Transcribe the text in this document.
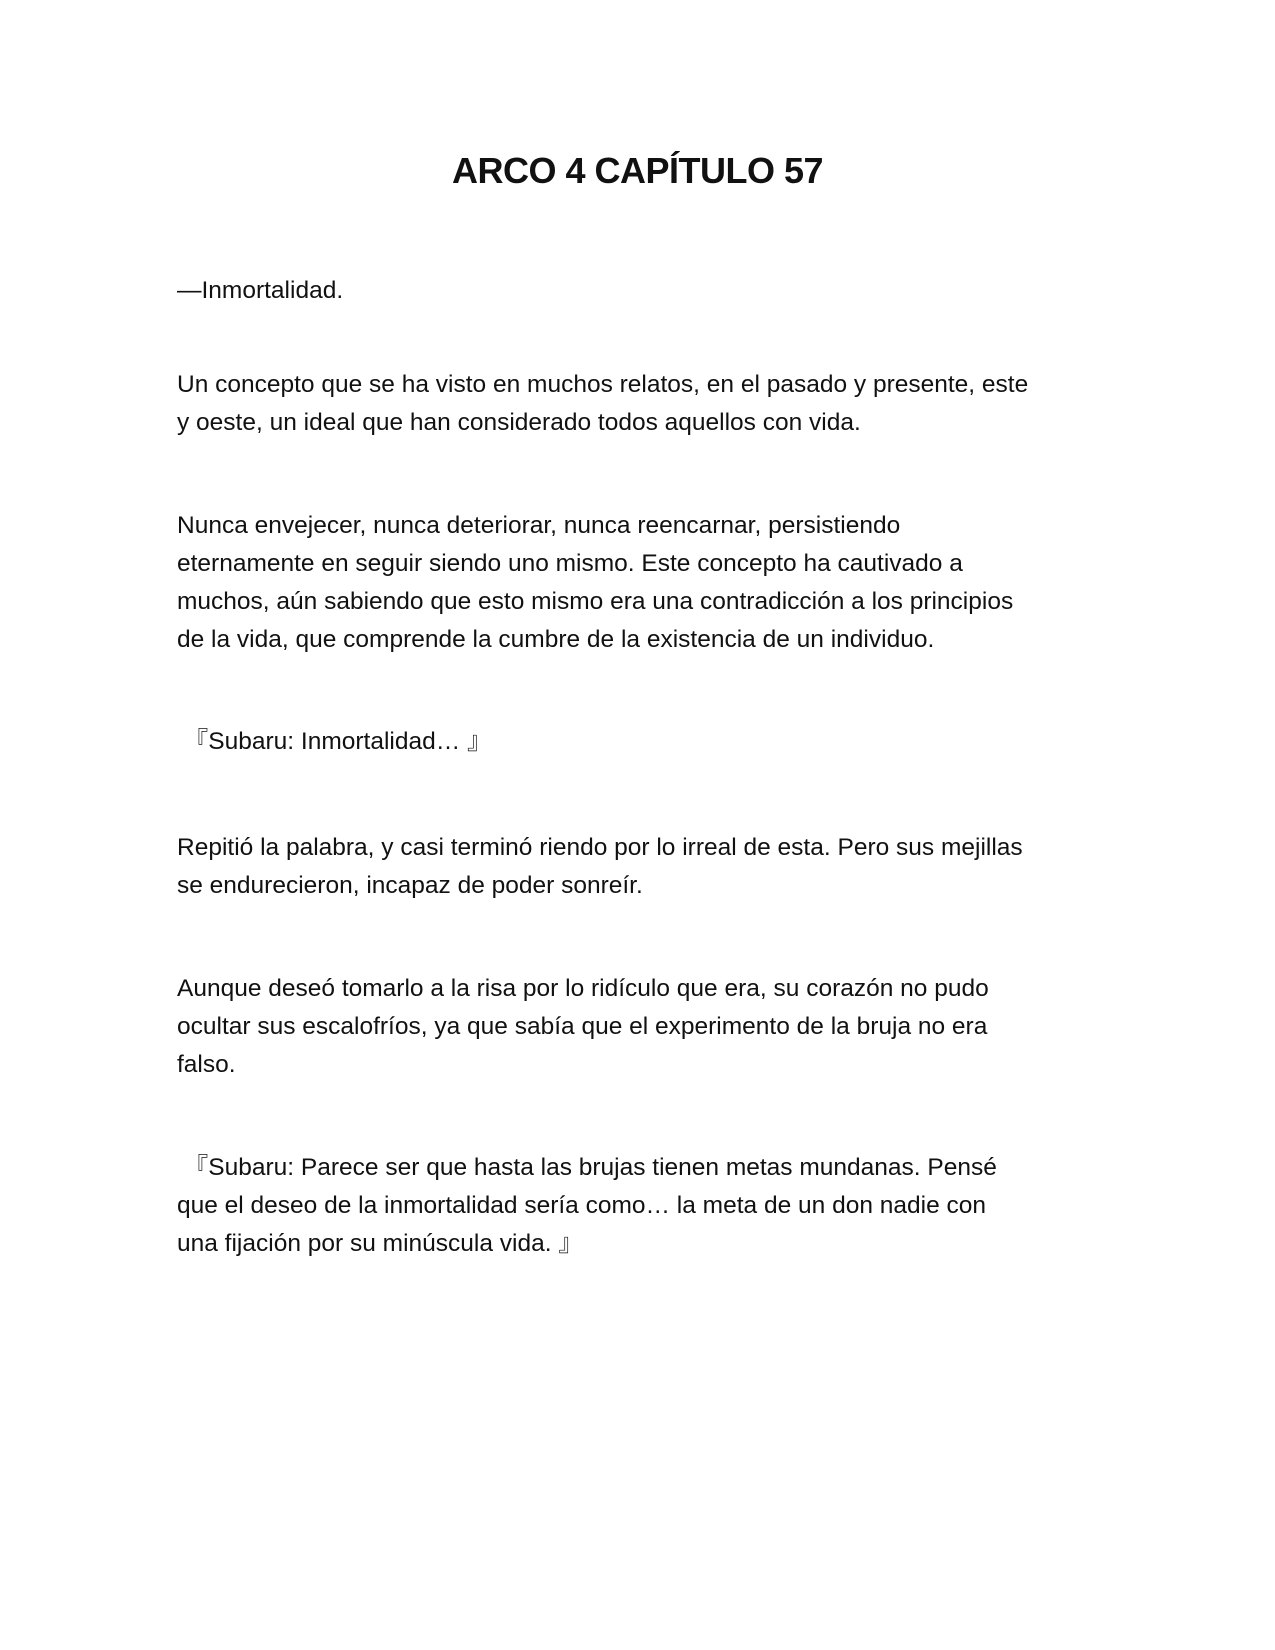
ARCO 4 CAPÍTULO 57

—Inmortalidad.

Un concepto que se ha visto en muchos relatos, en el pasado y presente, este
y oeste, un ideal que han considerado todos aquellos con vida.

Nunca envejecer, nunca deteriorar, nunca reencarnar, persistiendo
eternamente en seguir siendo uno mismo. Este concepto ha cautivado a
muchos, aún sabiendo que esto mismo era una contradicción a los principios
de la vida, que comprende la cumbre de la existencia de un individuo.

『Subaru: Inmortalidad… 』

Repitió la palabra, y casi terminó riendo por lo irreal de esta. Pero sus mejillas
se endurecieron, incapaz de poder sonreír.

Aunque deseó tomarlo a la risa por lo ridículo que era, su corazón no pudo
ocultar sus escalofríos, ya que sabía que el experimento de la bruja no era
falso.

『Subaru: Parece ser que hasta las brujas tienen metas mundanas. Pensé
que el deseo de la inmortalidad sería como… la meta de un don nadie con
una fijación por su minúscula vida. 』
